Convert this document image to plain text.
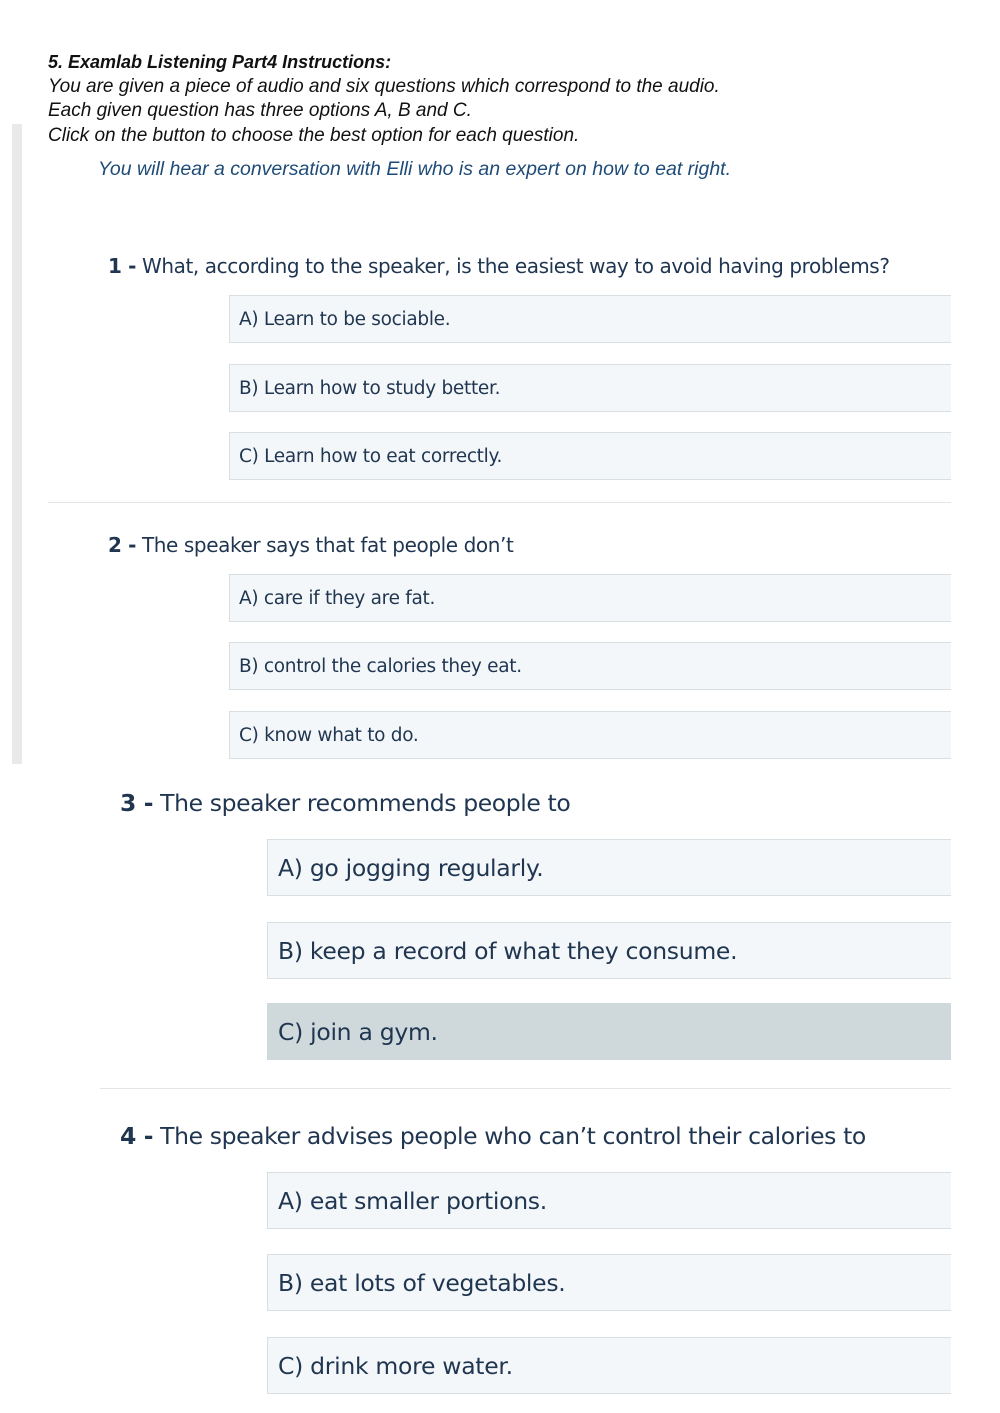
5. Examlab Listening Part4 Instructions:
You are given a piece of audio and six questions which correspond to the audio.
Each given question has three options A, B and C.
Click on the button to choose the best option for each question.
You will hear a conversation with Elli who is an expert on how to eat right.
1 - What, according to the speaker, is the easiest way to avoid having problems?
A) Learn to be sociable.
B) Learn how to study better.
C) Learn how to eat correctly.
2 - The speaker says that fat people don’t
A) care if they are fat.
B) control the calories they eat.
C) know what to do.
3 - The speaker recommends people to
A) go jogging regularly.
B) keep a record of what they consume.
C) join a gym.
4 - The speaker advises people who can’t control their calories to
A) eat smaller portions.
B) eat lots of vegetables.
C) drink more water.
